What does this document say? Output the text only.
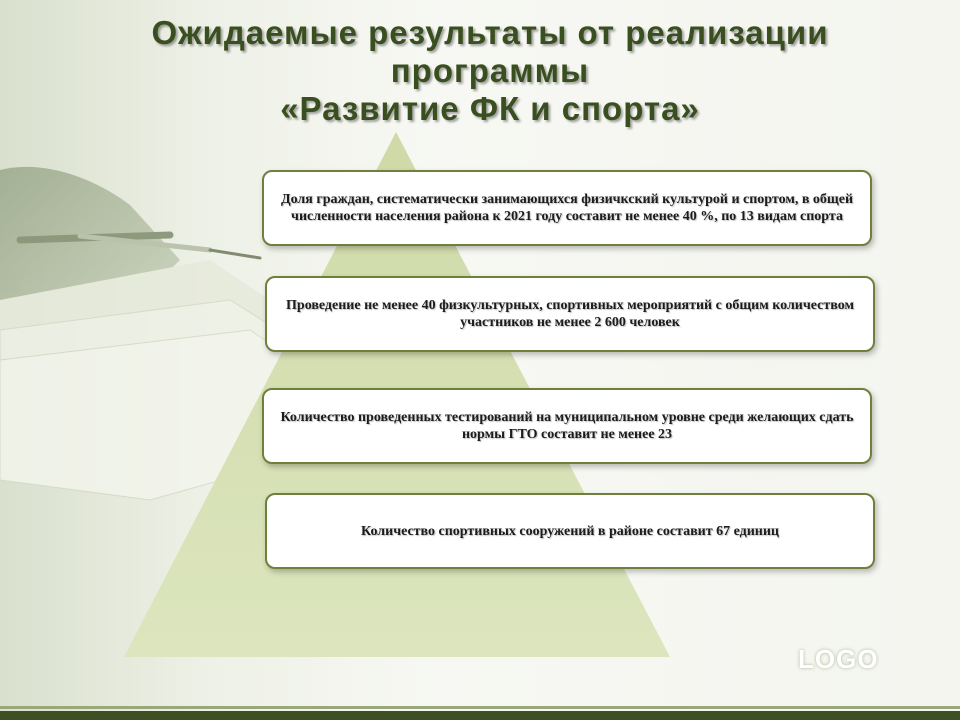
Ожидаемые результаты от реализации
программы
«Развитие ФК и спорта»
Доля граждан, систематически занимающихся физичкский культурой и спортом, в общей численности населения района к 2021 году составит не менее 40 %, по 13 видам спорта
Проведение не менее 40 физкультурных, спортивных мероприятий с общим количеством участников не менее 2 600 человек
Количество проведенных тестирований на муниципальном уровне среди желающих сдать нормы ГТО составит не менее 23
Количество спортивных сооружений в районе составит 67 единиц
LOGO
